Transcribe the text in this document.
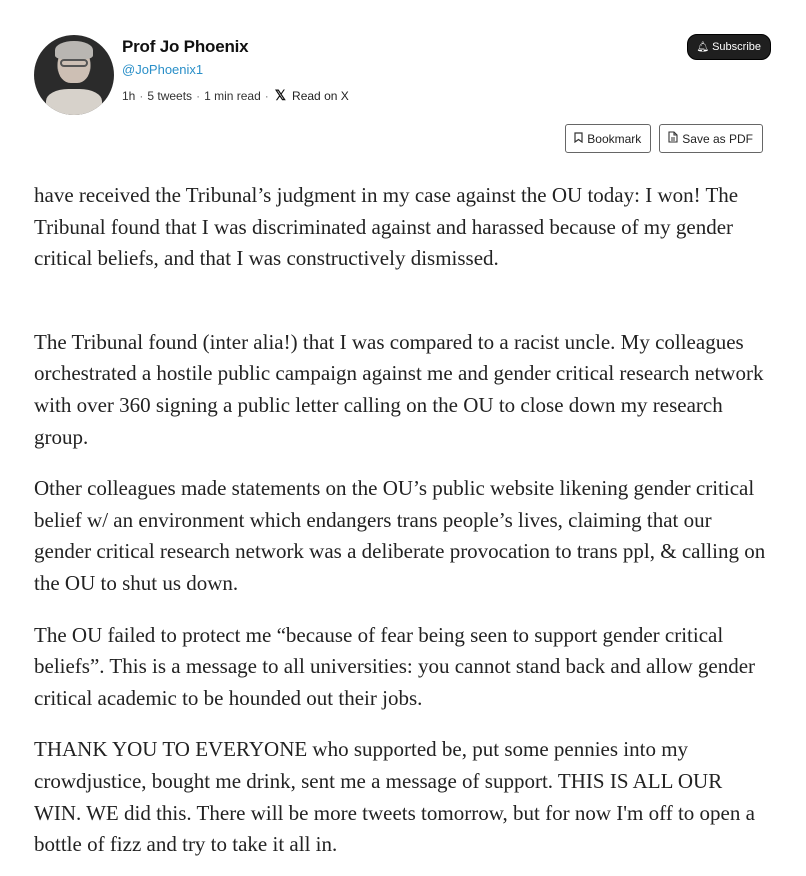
Prof Jo Phoenix
@JoPhoenix1
1h · 5 tweets · 1 min read · 𝕏 Read on X
🔔︎ Subscribe
Bookmark	Save as PDF

have received the Tribunal’s judgment in my case against the OU today: I won! The Tribunal found that I was discriminated against and harassed because of my gender critical beliefs, and that I was constructively dismissed.

The Tribunal found (inter alia!) that I was compared to a racist uncle. My colleagues orchestrated a hostile public campaign against me and gender critical research network with over 360 signing a public letter calling on the OU to close down my research group.

Other colleagues made statements on the OU’s public website likening gender critical belief w/ an environment which endangers trans people’s lives, claiming that our gender critical research network was a deliberate provocation to trans ppl, & calling on the OU to shut us down.

The OU failed to protect me “because of fear being seen to support gender critical beliefs”. This is a message to all universities: you cannot stand back and allow gender critical academic to be hounded out their jobs.

THANK YOU TO EVERYONE who supported be, put some pennies into my crowdjustice, bought me drink, sent me a message of support. THIS IS ALL OUR WIN. WE did this. There will be more tweets tomorrow, but for now I'm off to open a bottle of fizz and try to take it all in.
